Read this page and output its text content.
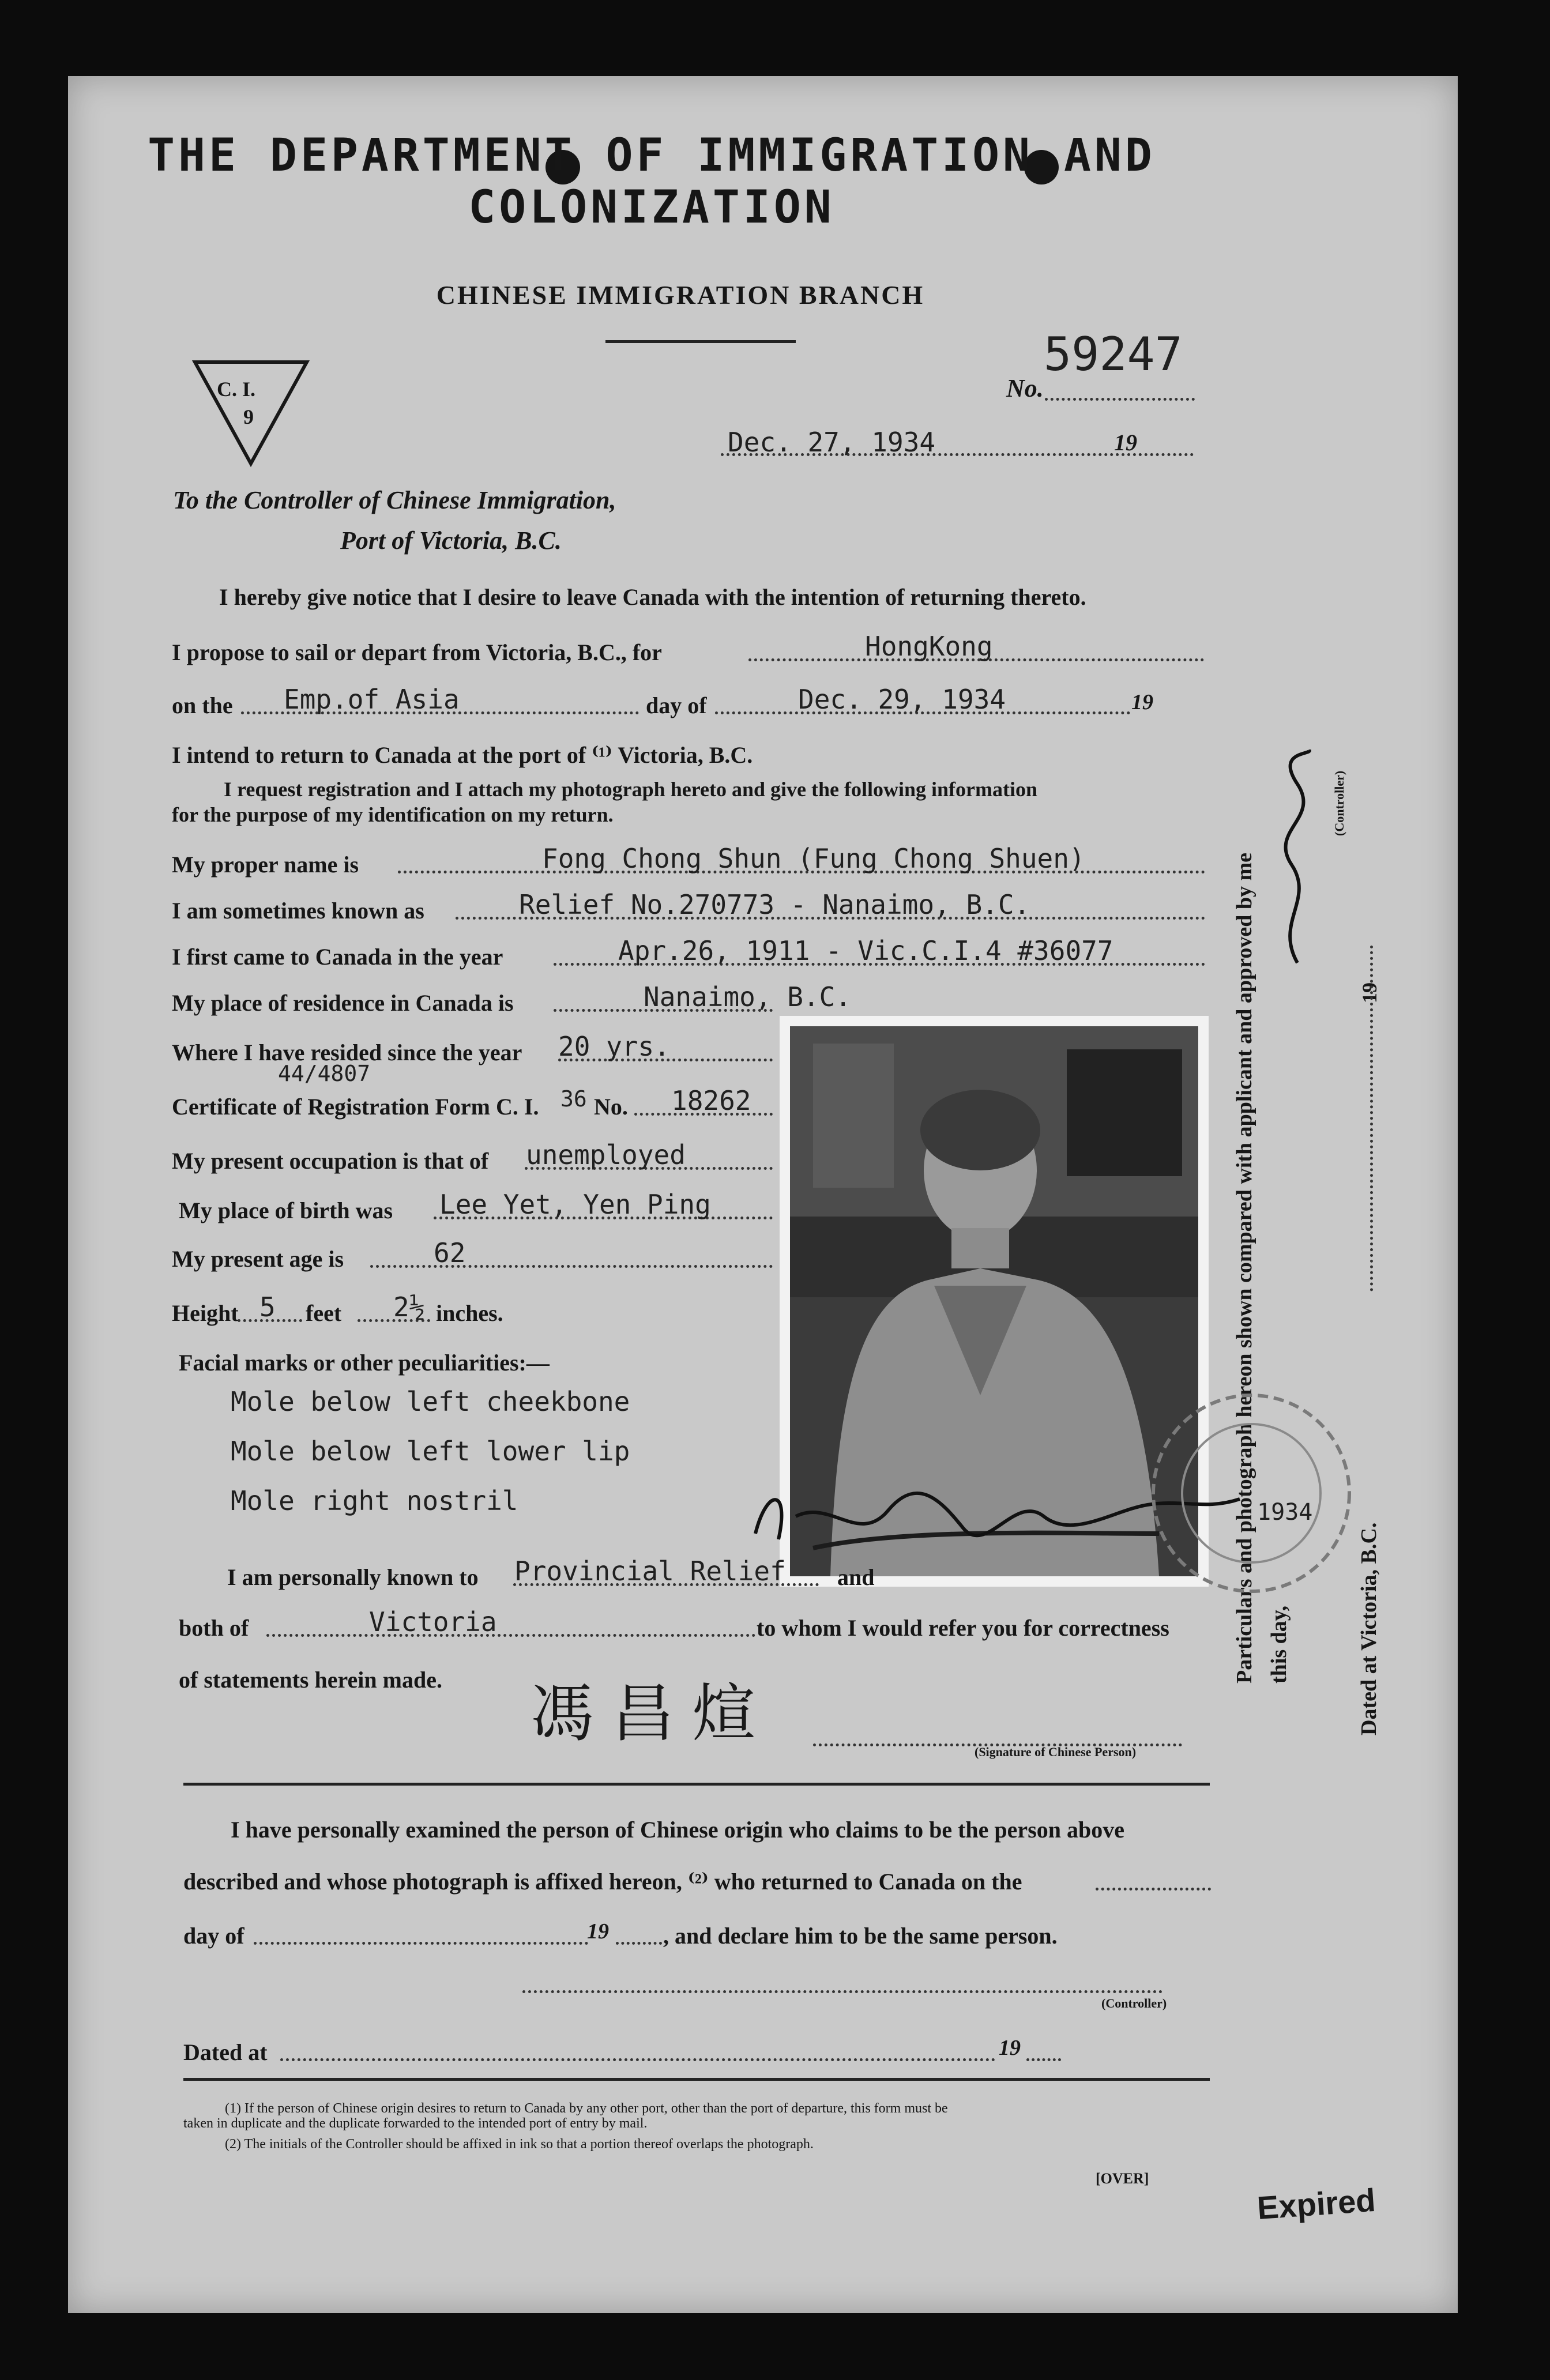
THE DEPARTMENT OF IMMIGRATION AND COLONIZATION
CHINESE IMMIGRATION BRANCH
C. I.
9
No.
59247
Dec. 27, 1934	19
To the Controller of Chinese Immigration,
Port of Victoria, B.C.
I hereby give notice that I desire to leave Canada with the intention of returning thereto.
I propose to sail or depart from Victoria, B.C., for	HongKong
on the Emp.of Asia	day of	Dec. 29, 1934	19
I intend to return to Canada at the port of ⁽¹⁾ Victoria, B.C.
I request registration and I attach my photograph hereto and give the following information
for the purpose of my identification on my return.
My proper name is	Fong Chong Shun (Fung Chong Shuen)
I am sometimes known as	Relief No.270773 - Nanaimo, B.C.
I first came to Canada in the year	Apr.26, 1911 - Vic.C.I.4 #36077
My place of residence in Canada is	Nanaimo, B.C.
Where I have resided since the year 20 yrs.
44/4807
Certificate of Registration Form C. I. 36 No. 18262
My present occupation is that of unemployed
My place of birth was Lee Yet, Yen Ping
My present age is	62
Height 5 feet 2½ inches.
Facial marks or other peculiarities:—
Mole below left cheekbone
Mole below left lower lip
Mole right nostril
I am personally known to Provincial Relief and
both of	Victoria	to whom I would refer you for correctness
of statements herein made. 馮昌煊
(Signature of Chinese Person)
Particulars and photograph hereon shown compared with applicant and approved by me this day,
(Controller)
19
Dated at Victoria, B.C.
1934
I have personally examined the person of Chinese origin who claims to be the person above
described and whose photograph is affixed hereon, ⁽²⁾ who returned to Canada on the
day of	19 , and declare him to be the same person.
(Controller)
Dated at	19
(1) If the person of Chinese origin desires to return to Canada by any other port, other than the port of departure, this form must be
taken in duplicate and the duplicate forwarded to the intended port of entry by mail.
(2) The initials of the Controller should be affixed in ink so that a portion thereof overlaps the photograph.
[OVER]
Expired
